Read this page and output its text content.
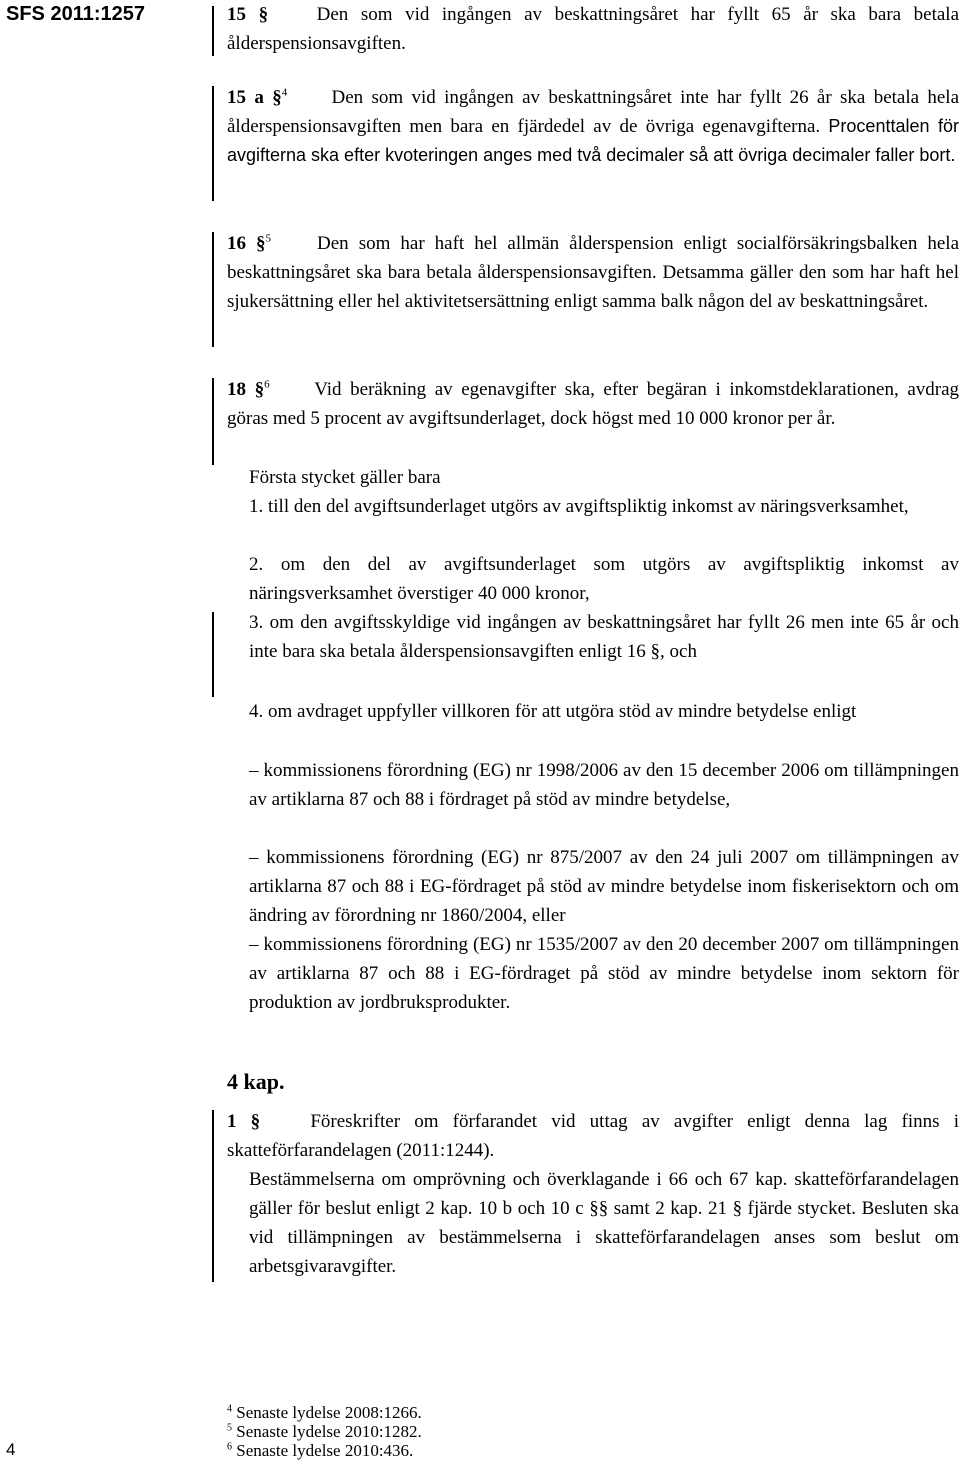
SFS 2011:1257	15 §	Den som vid ingången av beskattningsåret har fyllt 65 år ska bara betala ålderspensionsavgiften.

15 a §$^4$ Den som vid ingången av beskattningsåret inte har fyllt 26 år ska betala hela ålderspensionsavgiften men bara en fjärdedel av de övriga egenavgifterna. Procenttalen för avgifterna ska efter kvoteringen anges med två decimaler så att övriga decimaler faller bort.

16 §$^5$ Den som har haft hel allmän ålderspension enligt socialförsäkringsbalken hela beskattningsåret ska bara betala ålderspensionsavgiften. Detsamma gäller den som har haft hel sjukersättning eller hel aktivitetsersättning enligt samma balk någon del av beskattningsåret.

18 §$^6$ Vid beräkning av egenavgifter ska, efter begäran i inkomstdeklarationen, avdrag göras med 5 procent av avgiftsunderlaget, dock högst med 10 000 kronor per år.

Första stycket gäller bara

1. till den del avgiftsunderlaget utgörs av avgiftspliktig inkomst av näringsverksamhet,

2. om den del av avgiftsunderlaget som utgörs av avgiftspliktig inkomst av näringsverksamhet överstiger 40 000 kronor,

3. om den avgiftsskyldige vid ingången av beskattningsåret har fyllt 26 men inte 65 år och inte bara ska betala ålderspensionsavgiften enligt 16 §, och

4. om avdraget uppfyller villkoren för att utgöra stöd av mindre betydelse enligt

– kommissionens förordning (EG) nr 1998/2006 av den 15 december 2006 om tillämpningen av artiklarna 87 och 88 i fördraget på stöd av mindre betydelse,

– kommissionens förordning (EG) nr 875/2007 av den 24 juli 2007 om tillämpningen av artiklarna 87 och 88 i EG-fördraget på stöd av mindre betydelse inom fiskerisektorn och om ändring av förordning nr 1860/2004, eller

– kommissionens förordning (EG) nr 1535/2007 av den 20 december 2007 om tillämpningen av artiklarna 87 och 88 i EG-fördraget på stöd av mindre betydelse inom sektorn för produktion av jordbruksprodukter.

4 kap.

1 §	Föreskrifter om förfarandet vid uttag av avgifter enligt denna lag finns i skatteförfarandelagen (2011:1244).

Bestämmelserna om omprövning och överklagande i 66 och 67 kap. skatteförfarandelagen gäller för beslut enligt 2 kap. 10 b och 10 c §§ samt 2 kap. 21 § fjärde stycket. Besluten ska vid tillämpningen av bestämmelserna i skatteförfarandelagen anses som beslut om arbetsgivaravgifter.

$^4$ Senaste lydelse 2008:1266.
$^5$ Senaste lydelse 2010:1282.
$^6$ Senaste lydelse 2010:436.
4
